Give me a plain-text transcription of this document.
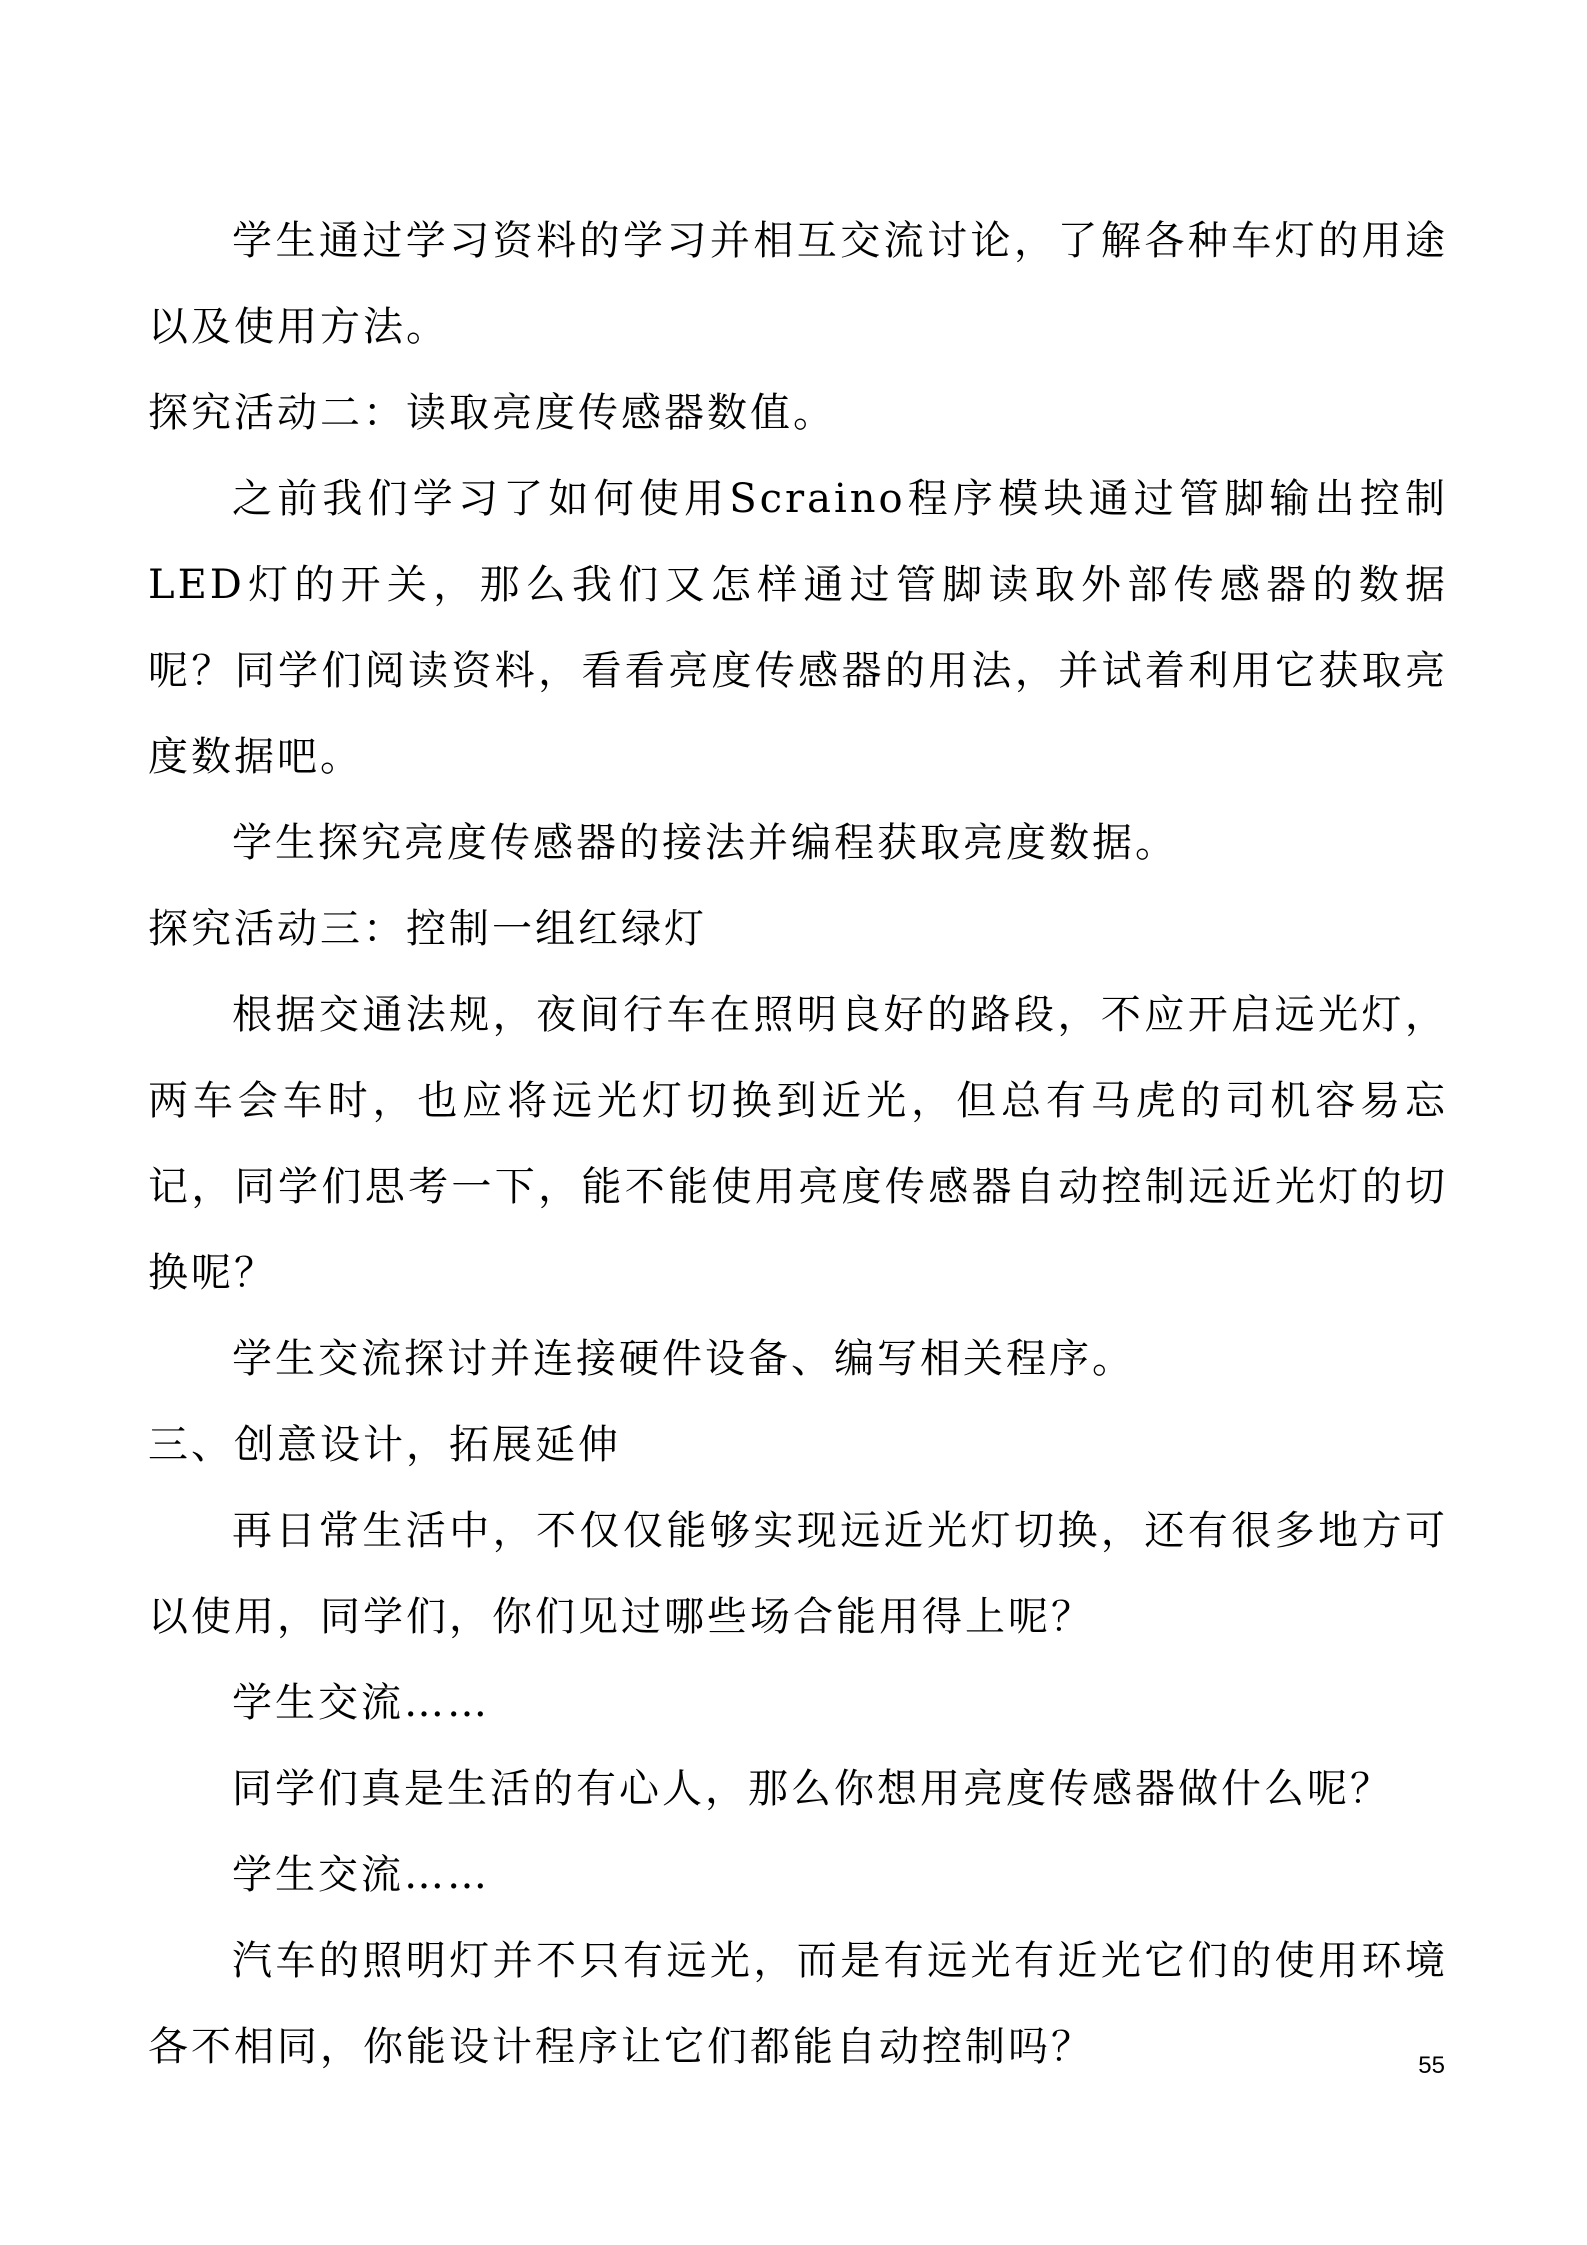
学生通过学习资料的学习并相互交流讨论，了解各种车灯的用途以及使用方法。

探究活动二：读取亮度传感器数值。

之前我们学习了如何使用Scraino程序模块通过管脚输出控制LED灯的开关，那么我们又怎样通过管脚读取外部传感器的数据呢？同学们阅读资料，看看亮度传感器的用法，并试着利用它获取亮度数据吧。

学生探究亮度传感器的接法并编程获取亮度数据。

探究活动三：控制一组红绿灯

根据交通法规，夜间行车在照明良好的路段，不应开启远光灯，两车会车时，也应将远光灯切换到近光，但总有马虎的司机容易忘记，同学们思考一下，能不能使用亮度传感器自动控制远近光灯的切换呢？

学生交流探讨并连接硬件设备、编写相关程序。

三、创意设计，拓展延伸

再日常生活中，不仅仅能够实现远近光灯切换，还有很多地方可以使用，同学们，你们见过哪些场合能用得上呢？

学生交流……

同学们真是生活的有心人，那么你想用亮度传感器做什么呢？

学生交流……

汽车的照明灯并不只有远光，而是有远光有近光它们的使用环境各不相同，你能设计程序让它们都能自动控制吗？	55
